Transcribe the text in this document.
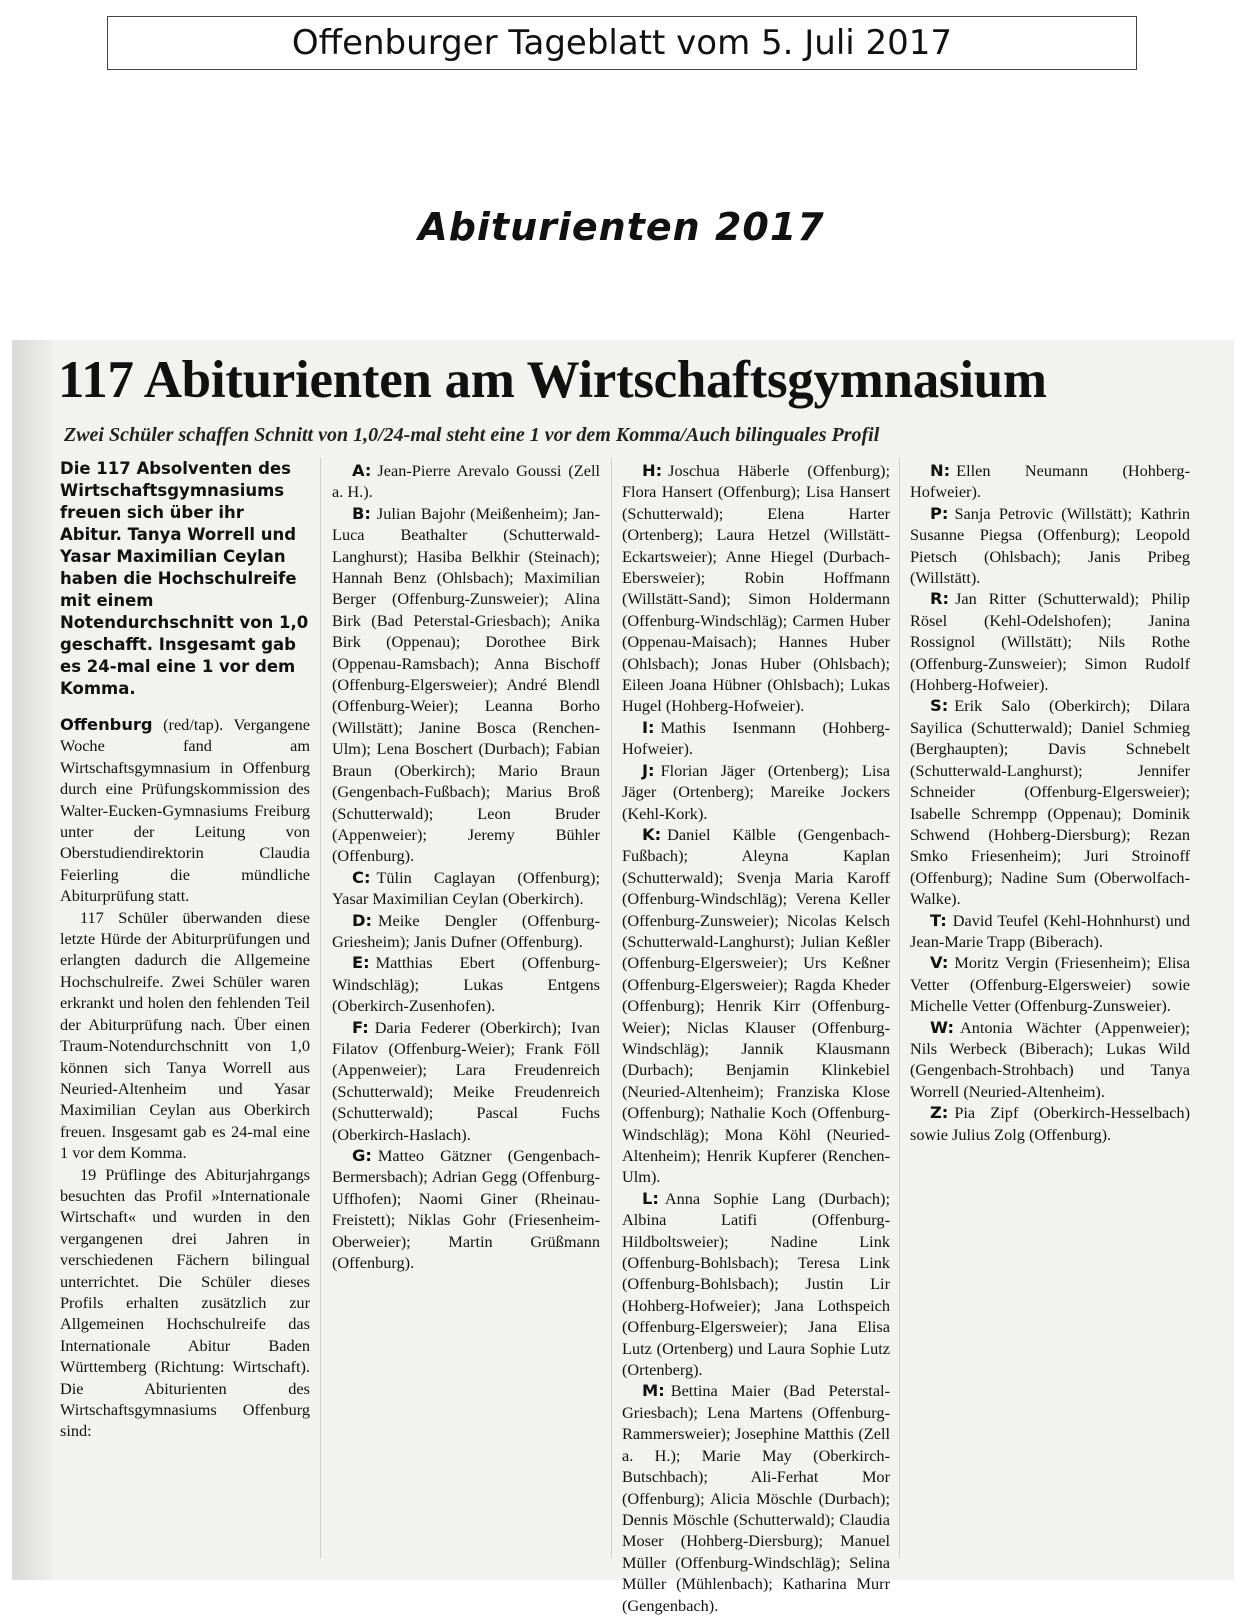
Offenburger Tageblatt vom 5. Juli 2017
Abiturienten 2017
117 Abiturienten am Wirtschaftsgymnasium
Zwei Schüler schaffen Schnitt von 1,0/24-mal steht eine 1 vor dem Komma/Auch bilinguales Profil
Die 117 Absolventen des Wirtschaftsgymnasiums freuen sich über ihr Abitur. Tanya Worrell und Yasar Maximilian Ceylan haben die Hochschulreife mit einem Notendurchschnitt von 1,0 geschafft. Insgesamt gab es 24-mal eine 1 vor dem Komma.

Offenburg (red/tap). Vergangene Woche fand am Wirtschaftsgymnasium in Offenburg durch eine Prüfungskommission des Walter-Eucken-Gymnasiums Freiburg unter der Leitung von Oberstudiendirektorin Claudia Feierling die mündliche Abiturprüfung statt.

117 Schüler überwanden diese letzte Hürde der Abiturprüfungen und erlangten dadurch die Allgemeine Hochschulreife. Zwei Schüler waren erkrankt und holen den fehlenden Teil der Abiturprüfung nach. Über einen Traum-Notendurchschnitt von 1,0 können sich Tanya Worrell aus Neuried-Altenheim und Yasar Maximilian Ceylan aus Oberkirch freuen. Insgesamt gab es 24-mal eine 1 vor dem Komma.

19 Prüflinge des Abiturjahrgangs besuchten das Profil »Internationale Wirtschaft« und wurden in den vergangenen drei Jahren in verschiedenen Fächern bilingual unterrichtet. Die Schüler dieses Profils erhalten zusätzlich zur Allgemeinen Hochschulreife das Internationale Abitur Baden Württemberg (Richtung: Wirtschaft). Die Abiturienten des Wirtschaftsgymnasiums Offenburg sind:

A: Jean-Pierre Arevalo Goussi (Zell a. H.).

B: Julian Bajohr (Meißenheim); Jan-Luca Beathalter (Schutterwald-Langhurst); Hasiba Belkhir (Steinach); Hannah Benz (Ohlsbach); Maximilian Berger (Offenburg-Zunsweier); Alina Birk (Bad Peterstal-Griesbach); Anika Birk (Oppenau); Dorothee Birk (Oppenau-Ramsbach); Anna Bischoff (Offenburg-Elgersweier); André Blendl (Offenburg-Weier); Leanna Borho (Willstätt); Janine Bosca (Renchen-Ulm); Lena Boschert (Durbach); Fabian Braun (Oberkirch); Mario Braun (Gengenbach-Fußbach); Marius Broß (Schutterwald); Leon Bruder (Appenweier); Jeremy Bühler (Offenburg).

C: Tülin Caglayan (Offenburg); Yasar Maximilian Ceylan (Oberkirch).

D: Meike Dengler (Offenburg-Griesheim); Janis Dufner (Offenburg).

E: Matthias Ebert (Offenburg-Windschläg); Lukas Entgens (Oberkirch-Zusenhofen).

F: Daria Federer (Oberkirch); Ivan Filatov (Offenburg-Weier); Frank Föll (Appenweier); Lara Freudenreich (Schutterwald); Meike Freudenreich (Schutterwald); Pascal Fuchs (Oberkirch-Haslach).

G: Matteo Gätzner (Gengenbach-Bermersbach); Adrian Gegg (Offenburg-Uffhofen); Naomi Giner (Rheinau-Freistett); Niklas Gohr (Friesenheim-Oberweier); Martin Grüßmann (Offenburg).

H: Joschua Häberle (Offenburg); Flora Hansert (Offenburg); Lisa Hansert (Schutterwald); Elena Harter (Ortenberg); Laura Hetzel (Willstätt-Eckartsweier); Anne Hiegel (Durbach-Ebersweier); Robin Hoffmann (Willstätt-Sand); Simon Holdermann (Offenburg-Windschläg); Carmen Huber (Oppenau-Maisach); Hannes Huber (Ohlsbach); Jonas Huber (Ohlsbach); Eileen Joana Hübner (Ohlsbach); Lukas Hugel (Hohberg-Hofweier).

I: Mathis Isenmann (Hohberg-Hofweier).

J: Florian Jäger (Ortenberg); Lisa Jäger (Ortenberg); Mareike Jockers (Kehl-Kork).

K: Daniel Kälble (Gengenbach-Fußbach); Aleyna Kaplan (Schutterwald); Svenja Maria Karoff (Offenburg-Windschläg); Verena Keller (Offenburg-Zunsweier); Nicolas Kelsch (Schutterwald-Langhurst); Julian Keßler (Offenburg-Elgersweier); Urs Keßner (Offenburg-Elgersweier); Ragda Kheder (Offenburg); Henrik Kirr (Offenburg-Weier); Niclas Klauser (Offenburg-Windschläg); Jannik Klausmann (Durbach); Benjamin Klinkebiel (Neuried-Altenheim); Franziska Klose (Offenburg); Nathalie Koch (Offenburg-Windschläg); Mona Köhl (Neuried-Altenheim); Henrik Kupferer (Renchen-Ulm).

L: Anna Sophie Lang (Durbach); Albina Latifi (Offenburg-Hildboltsweier); Nadine Link (Offenburg-Bohlsbach); Teresa Link (Offenburg-Bohlsbach); Justin Lir (Hohberg-Hofweier); Jana Lothspeich (Offenburg-Elgersweier); Jana Elisa Lutz (Ortenberg) und Laura Sophie Lutz (Ortenberg).

M: Bettina Maier (Bad Peterstal-Griesbach); Lena Martens (Offenburg-Rammersweier); Josephine Matthis (Zell a. H.); Marie May (Oberkirch-Butschbach); Ali-Ferhat Mor (Offenburg); Alicia Möschle (Durbach); Dennis Möschle (Schutterwald); Claudia Moser (Hohberg-Diersburg); Manuel Müller (Offenburg-Windschläg); Selina Müller (Mühlenbach); Katharina Murr (Gengenbach).

N: Ellen Neumann (Hohberg-Hofweier).

P: Sanja Petrovic (Willstätt); Kathrin Susanne Piegsa (Offenburg); Leopold Pietsch (Ohlsbach); Janis Pribeg (Willstätt).

R: Jan Ritter (Schutterwald); Philip Rösel (Kehl-Odelshofen); Janina Rossignol (Willstätt); Nils Rothe (Offenburg-Zunsweier); Simon Rudolf (Hohberg-Hofweier).

S: Erik Salo (Oberkirch); Dilara Sayilica (Schutterwald); Daniel Schmieg (Berghaupten); Davis Schnebelt (Schutterwald-Langhurst); Jennifer Schneider (Offenburg-Elgersweier); Isabelle Schrempp (Oppenau); Dominik Schwend (Hohberg-Diersburg); Rezan Smko Friesenheim); Juri Stroinoff (Offenburg); Nadine Sum (Oberwolfach-Walke).

T: David Teufel (Kehl-Hohnhurst) und Jean-Marie Trapp (Biberach).

V: Moritz Vergin (Friesenheim); Elisa Vetter (Offenburg-Elgersweier) sowie Michelle Vetter (Offenburg-Zunsweier).

W: Antonia Wächter (Appenweier); Nils Werbeck (Biberach); Lukas Wild (Gengenbach-Strohbach) und Tanya Worrell (Neuried-Altenheim).

Z: Pia Zipf (Oberkirch-Hesselbach) sowie Julius Zolg (Offenburg).
